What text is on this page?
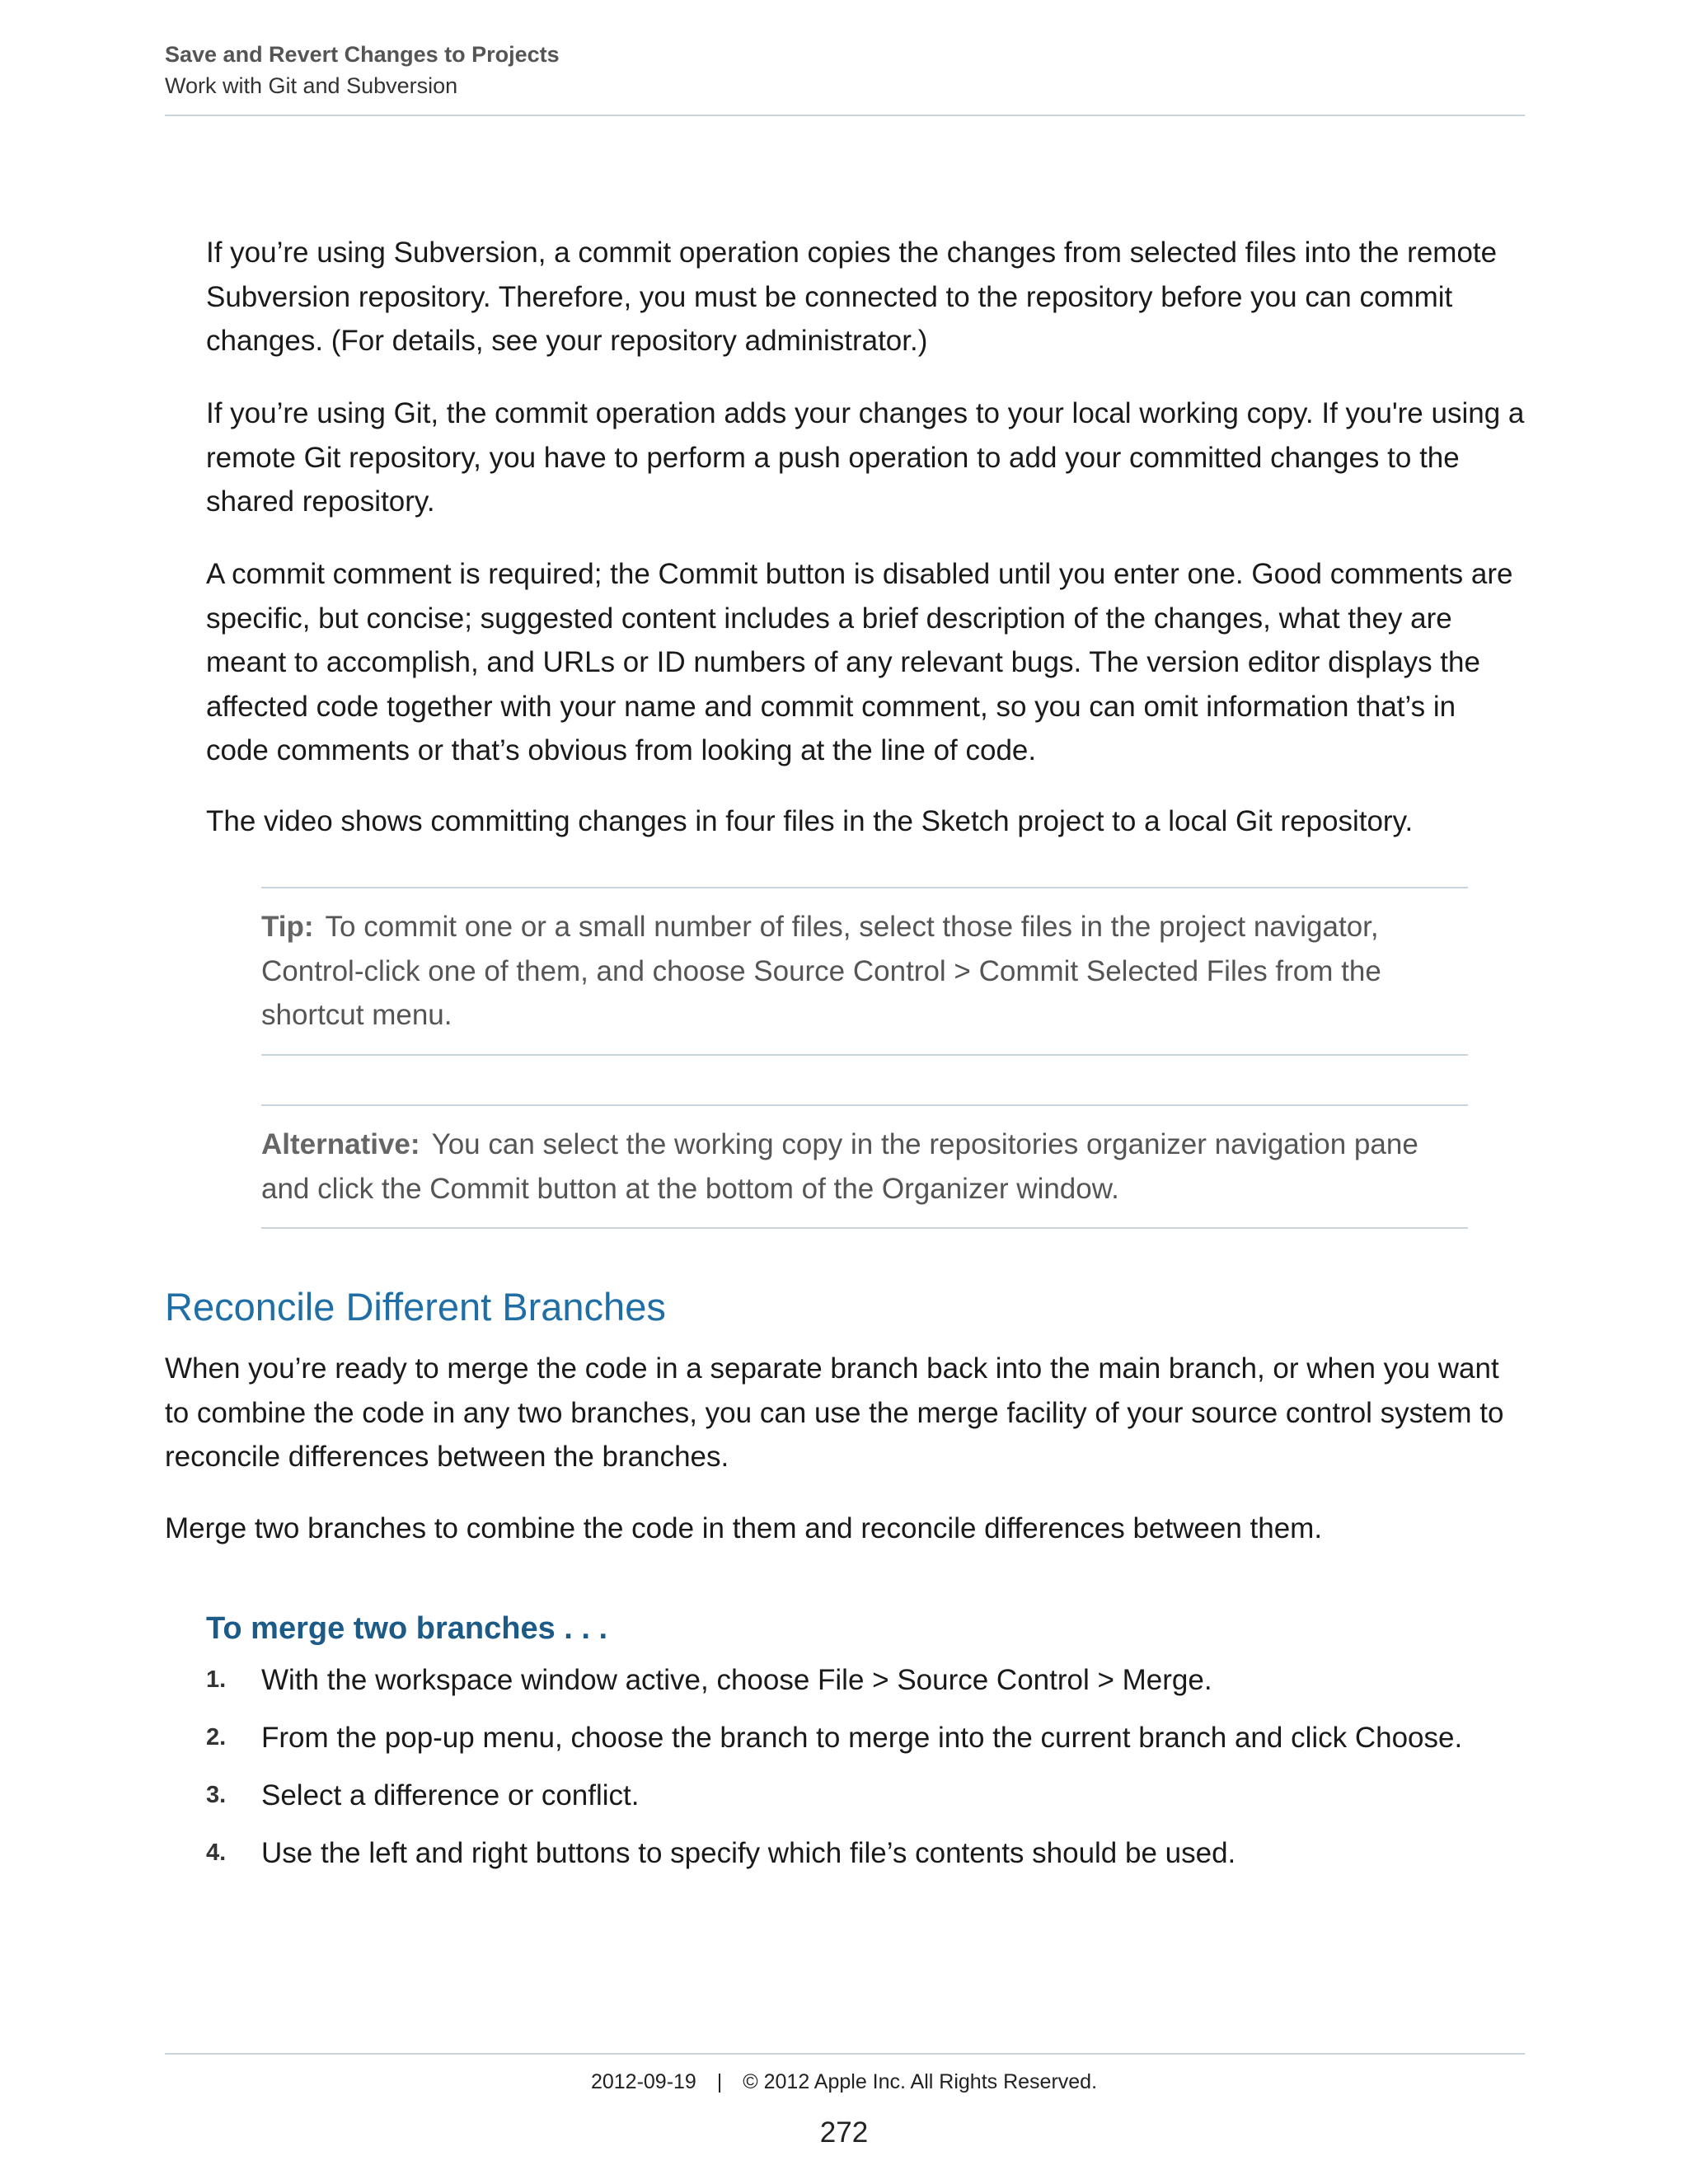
Save and Revert Changes to Projects
Work with Git and Subversion

If you’re using Subversion, a commit operation copies the changes from selected files into the remote Subversion repository. Therefore, you must be connected to the repository before you can commit changes. (For details, see your repository administrator.)

If you’re using Git, the commit operation adds your changes to your local working copy. If you're using a remote Git repository, you have to perform a push operation to add your committed changes to the shared repository.

A commit comment is required; the Commit button is disabled until you enter one. Good comments are specific, but concise; suggested content includes a brief description of the changes, what they are meant to accomplish, and URLs or ID numbers of any relevant bugs. The version editor displays the affected code together with your name and commit comment, so you can omit information that’s in code comments or that’s obvious from looking at the line of code.

The video shows committing changes in four files in the Sketch project to a local Git repository.

Tip: To commit one or a small number of files, select those files in the project navigator, Control-click one of them, and choose Source Control > Commit Selected Files from the shortcut menu.

Alternative: You can select the working copy in the repositories organizer navigation pane and click the Commit button at the bottom of the Organizer window.

Reconcile Different Branches

When you’re ready to merge the code in a separate branch back into the main branch, or when you want to combine the code in any two branches, you can use the merge facility of your source control system to reconcile differences between the branches.

Merge two branches to combine the code in them and reconcile differences between them.

To merge two branches . . .
1. With the workspace window active, choose File > Source Control > Merge.
2. From the pop-up menu, choose the branch to merge into the current branch and click Choose.
3. Select a difference or conflict.
4. Use the left and right buttons to specify which file’s contents should be used.
2012-09-19 | © 2012 Apple Inc. All Rights Reserved.
272
